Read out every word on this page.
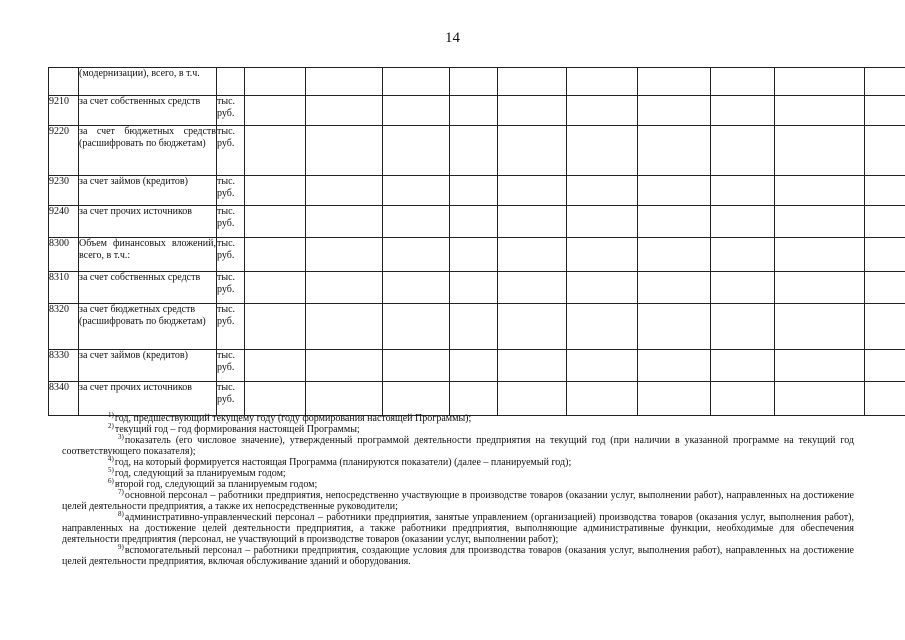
14
	(модернизации), всего, в т.ч.											
9210	за счет собственных средств	тыс. руб.										
9220	за счет бюджетных средств (расшифровать по бюджетам)	тыс. руб.										
9230	за счет займов (кредитов)	тыс. руб.										
9240	за счет прочих источников	тыс. руб.										
8300	Объем финансовых вложений, всего, в т.ч.:	тыс. руб.										
8310	за счет собственных средств	тыс. руб.										
8320	за счет бюджетных средств (расшифровать по бюджетам)	тыс. руб.										
8330	за счет займов (кредитов)	тыс. руб.										
8340	за счет прочих источников	тыс. руб.										

$^{1)}$год, предшествующий текущему году (году формирования настоящей Программы);

$^{2)}$текущий год – год формирования настоящей Программы;

$^{3)}$показатель (его числовое значение), утвержденный программой деятельности предприятия на текущий год (при наличии в указанной программе на текущий год соответствующего показателя);

$^{4)}$год, на который формируется настоящая Программа (планируются показатели) (далее – планируемый год);

$^{5)}$год, следующий за планируемым годом;

$^{6)}$второй год, следующий за планируемым годом;

$^{7)}$основной персонал – работники предприятия, непосредственно участвующие в производстве товаров (оказании услуг, выполнении работ), направленных на достижение целей деятельности предприятия, а также их непосредственные руководители;

$^{8)}$административно-управленческий персонал – работники предприятия, занятые управлением (организацией) производства товаров (оказания услуг, выполнения работ), направленных на достижение целей деятельности предприятия, а также работники предприятия, выполняющие административные функции, необходимые для обеспечения деятельности предприятия (персонал, не участвующий в производстве товаров (оказании услуг, выполнении работ);

$^{9)}$вспомогательный персонал – работники предприятия, создающие условия для производства товаров (оказания услуг, выполнения работ), направленных на достижение целей деятельности предприятия, включая обслуживание зданий и оборудования.
